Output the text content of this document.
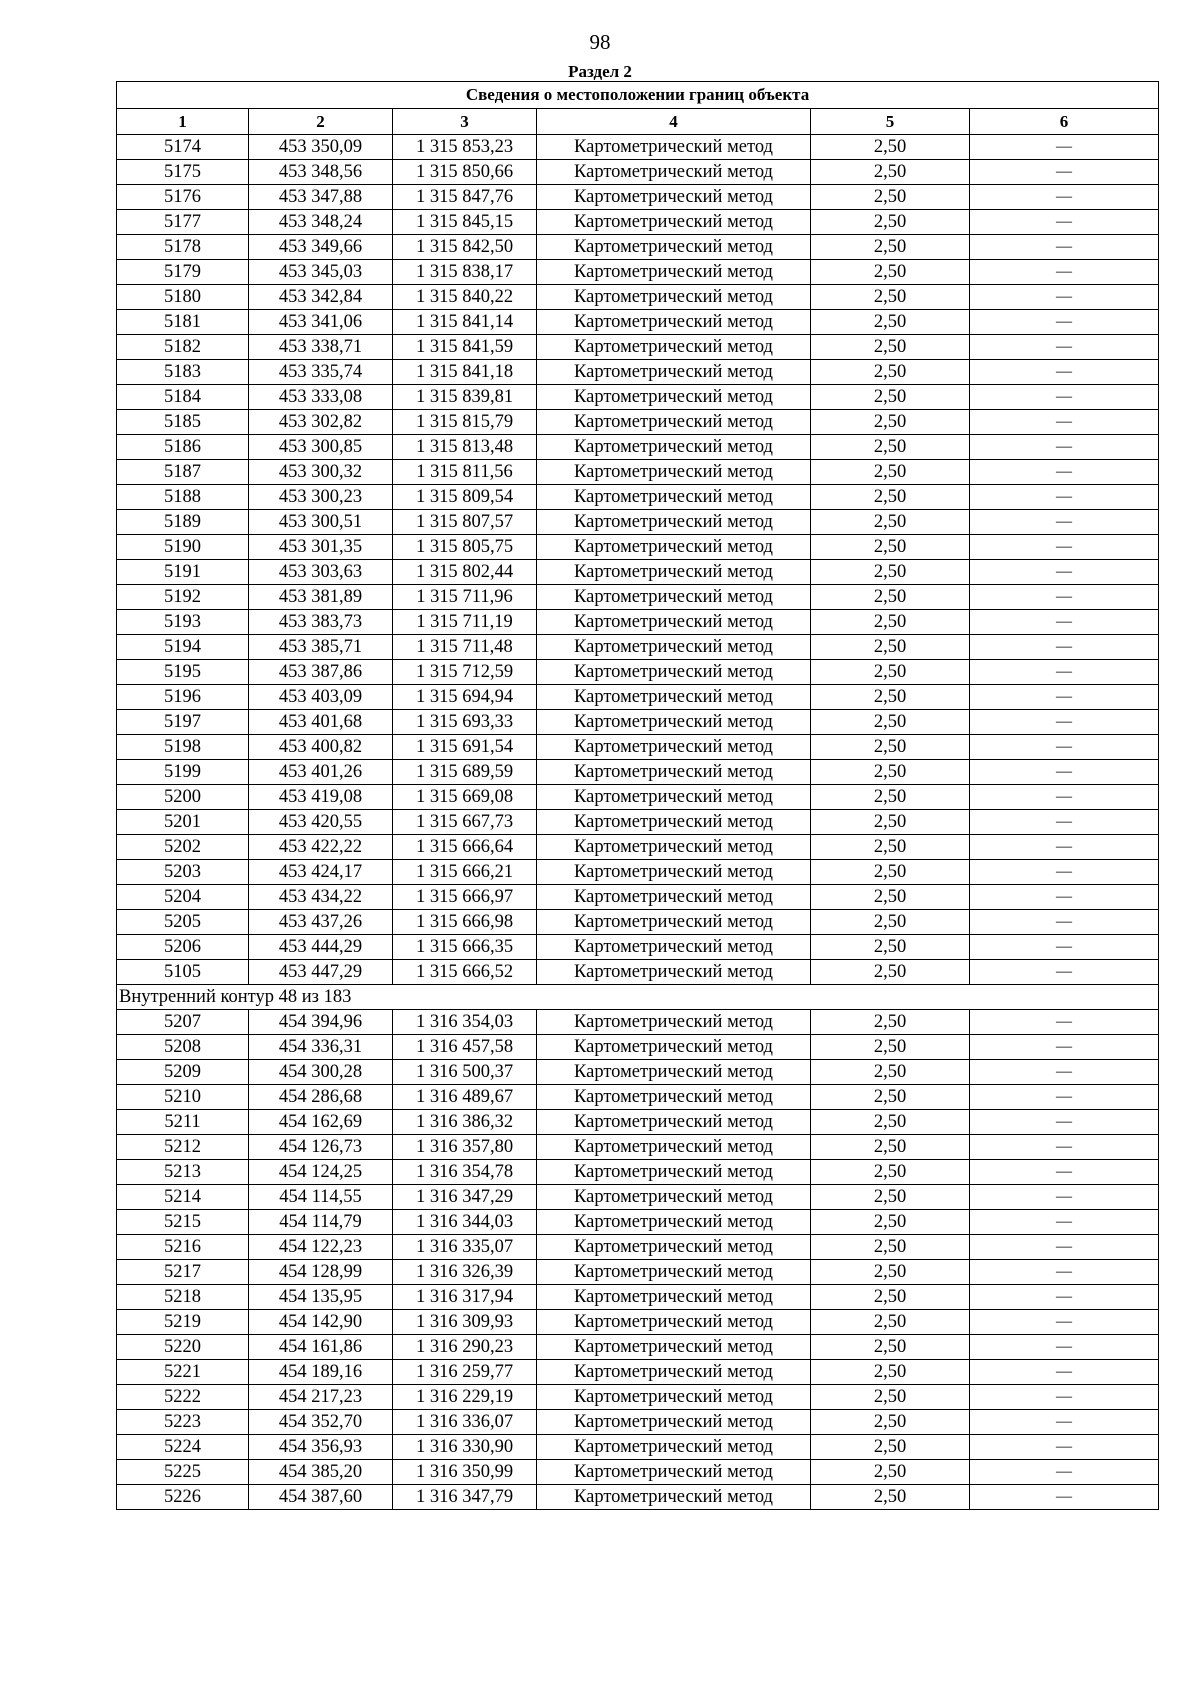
98
Раздел 2
Сведения о местоположении границ объекта					
1	2	3	4	5	6
5174	453 350,09	1 315 853,23	Картометрический метод	2,50	—
5175	453 348,56	1 315 850,66	Картометрический метод	2,50	—
5176	453 347,88	1 315 847,76	Картометрический метод	2,50	—
5177	453 348,24	1 315 845,15	Картометрический метод	2,50	—
5178	453 349,66	1 315 842,50	Картометрический метод	2,50	—
5179	453 345,03	1 315 838,17	Картометрический метод	2,50	—
5180	453 342,84	1 315 840,22	Картометрический метод	2,50	—
5181	453 341,06	1 315 841,14	Картометрический метод	2,50	—
5182	453 338,71	1 315 841,59	Картометрический метод	2,50	—
5183	453 335,74	1 315 841,18	Картометрический метод	2,50	—
5184	453 333,08	1 315 839,81	Картометрический метод	2,50	—
5185	453 302,82	1 315 815,79	Картометрический метод	2,50	—
5186	453 300,85	1 315 813,48	Картометрический метод	2,50	—
5187	453 300,32	1 315 811,56	Картометрический метод	2,50	—
5188	453 300,23	1 315 809,54	Картометрический метод	2,50	—
5189	453 300,51	1 315 807,57	Картометрический метод	2,50	—
5190	453 301,35	1 315 805,75	Картометрический метод	2,50	—
5191	453 303,63	1 315 802,44	Картометрический метод	2,50	—
5192	453 381,89	1 315 711,96	Картометрический метод	2,50	—
5193	453 383,73	1 315 711,19	Картометрический метод	2,50	—
5194	453 385,71	1 315 711,48	Картометрический метод	2,50	—
5195	453 387,86	1 315 712,59	Картометрический метод	2,50	—
5196	453 403,09	1 315 694,94	Картометрический метод	2,50	—
5197	453 401,68	1 315 693,33	Картометрический метод	2,50	—
5198	453 400,82	1 315 691,54	Картометрический метод	2,50	—
5199	453 401,26	1 315 689,59	Картометрический метод	2,50	—
5200	453 419,08	1 315 669,08	Картометрический метод	2,50	—
5201	453 420,55	1 315 667,73	Картометрический метод	2,50	—
5202	453 422,22	1 315 666,64	Картометрический метод	2,50	—
5203	453 424,17	1 315 666,21	Картометрический метод	2,50	—
5204	453 434,22	1 315 666,97	Картометрический метод	2,50	—
5205	453 437,26	1 315 666,98	Картометрический метод	2,50	—
5206	453 444,29	1 315 666,35	Картометрический метод	2,50	—
5105	453 447,29	1 315 666,52	Картометрический метод	2,50	—
Внутренний контур 48 из 183					
5207	454 394,96	1 316 354,03	Картометрический метод	2,50	—
5208	454 336,31	1 316 457,58	Картометрический метод	2,50	—
5209	454 300,28	1 316 500,37	Картометрический метод	2,50	—
5210	454 286,68	1 316 489,67	Картометрический метод	2,50	—
5211	454 162,69	1 316 386,32	Картометрический метод	2,50	—
5212	454 126,73	1 316 357,80	Картометрический метод	2,50	—
5213	454 124,25	1 316 354,78	Картометрический метод	2,50	—
5214	454 114,55	1 316 347,29	Картометрический метод	2,50	—
5215	454 114,79	1 316 344,03	Картометрический метод	2,50	—
5216	454 122,23	1 316 335,07	Картометрический метод	2,50	—
5217	454 128,99	1 316 326,39	Картометрический метод	2,50	—
5218	454 135,95	1 316 317,94	Картометрический метод	2,50	—
5219	454 142,90	1 316 309,93	Картометрический метод	2,50	—
5220	454 161,86	1 316 290,23	Картометрический метод	2,50	—
5221	454 189,16	1 316 259,77	Картометрический метод	2,50	—
5222	454 217,23	1 316 229,19	Картометрический метод	2,50	—
5223	454 352,70	1 316 336,07	Картометрический метод	2,50	—
5224	454 356,93	1 316 330,90	Картометрический метод	2,50	—
5225	454 385,20	1 316 350,99	Картометрический метод	2,50	—
5226	454 387,60	1 316 347,79	Картометрический метод	2,50	—
